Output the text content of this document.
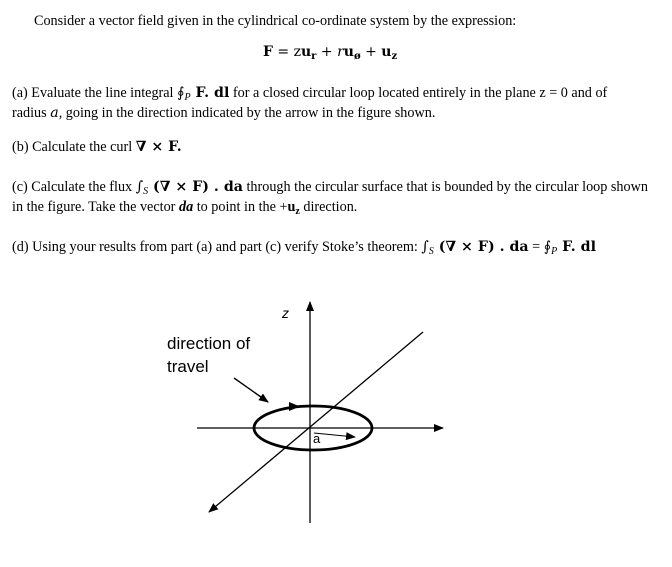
Consider a vector field given in the cylindrical co-ordinate system by the expression:
$F = zu_r + ru_ø + u_z$
(a) Evaluate the line integral $∮_P$ F. dl for a closed circular loop located entirely in the plane z = 0 and of
radius a, going in the direction indicated by the arrow in the figure shown.
(b) Calculate the curl ∇ × F.
(c) Calculate the flux $\int_S$ (∇ × F) . da through the circular surface that is bounded by the circular loop shown
in the figure. Take the vector da to point in the $+u_z$ direction.
(d) Using your results from part (a) and part (c) verify Stoke’s theorem: $\int_S$ (∇ × F) . da = $∮_P$ F. dl
z
direction of
travel
a
